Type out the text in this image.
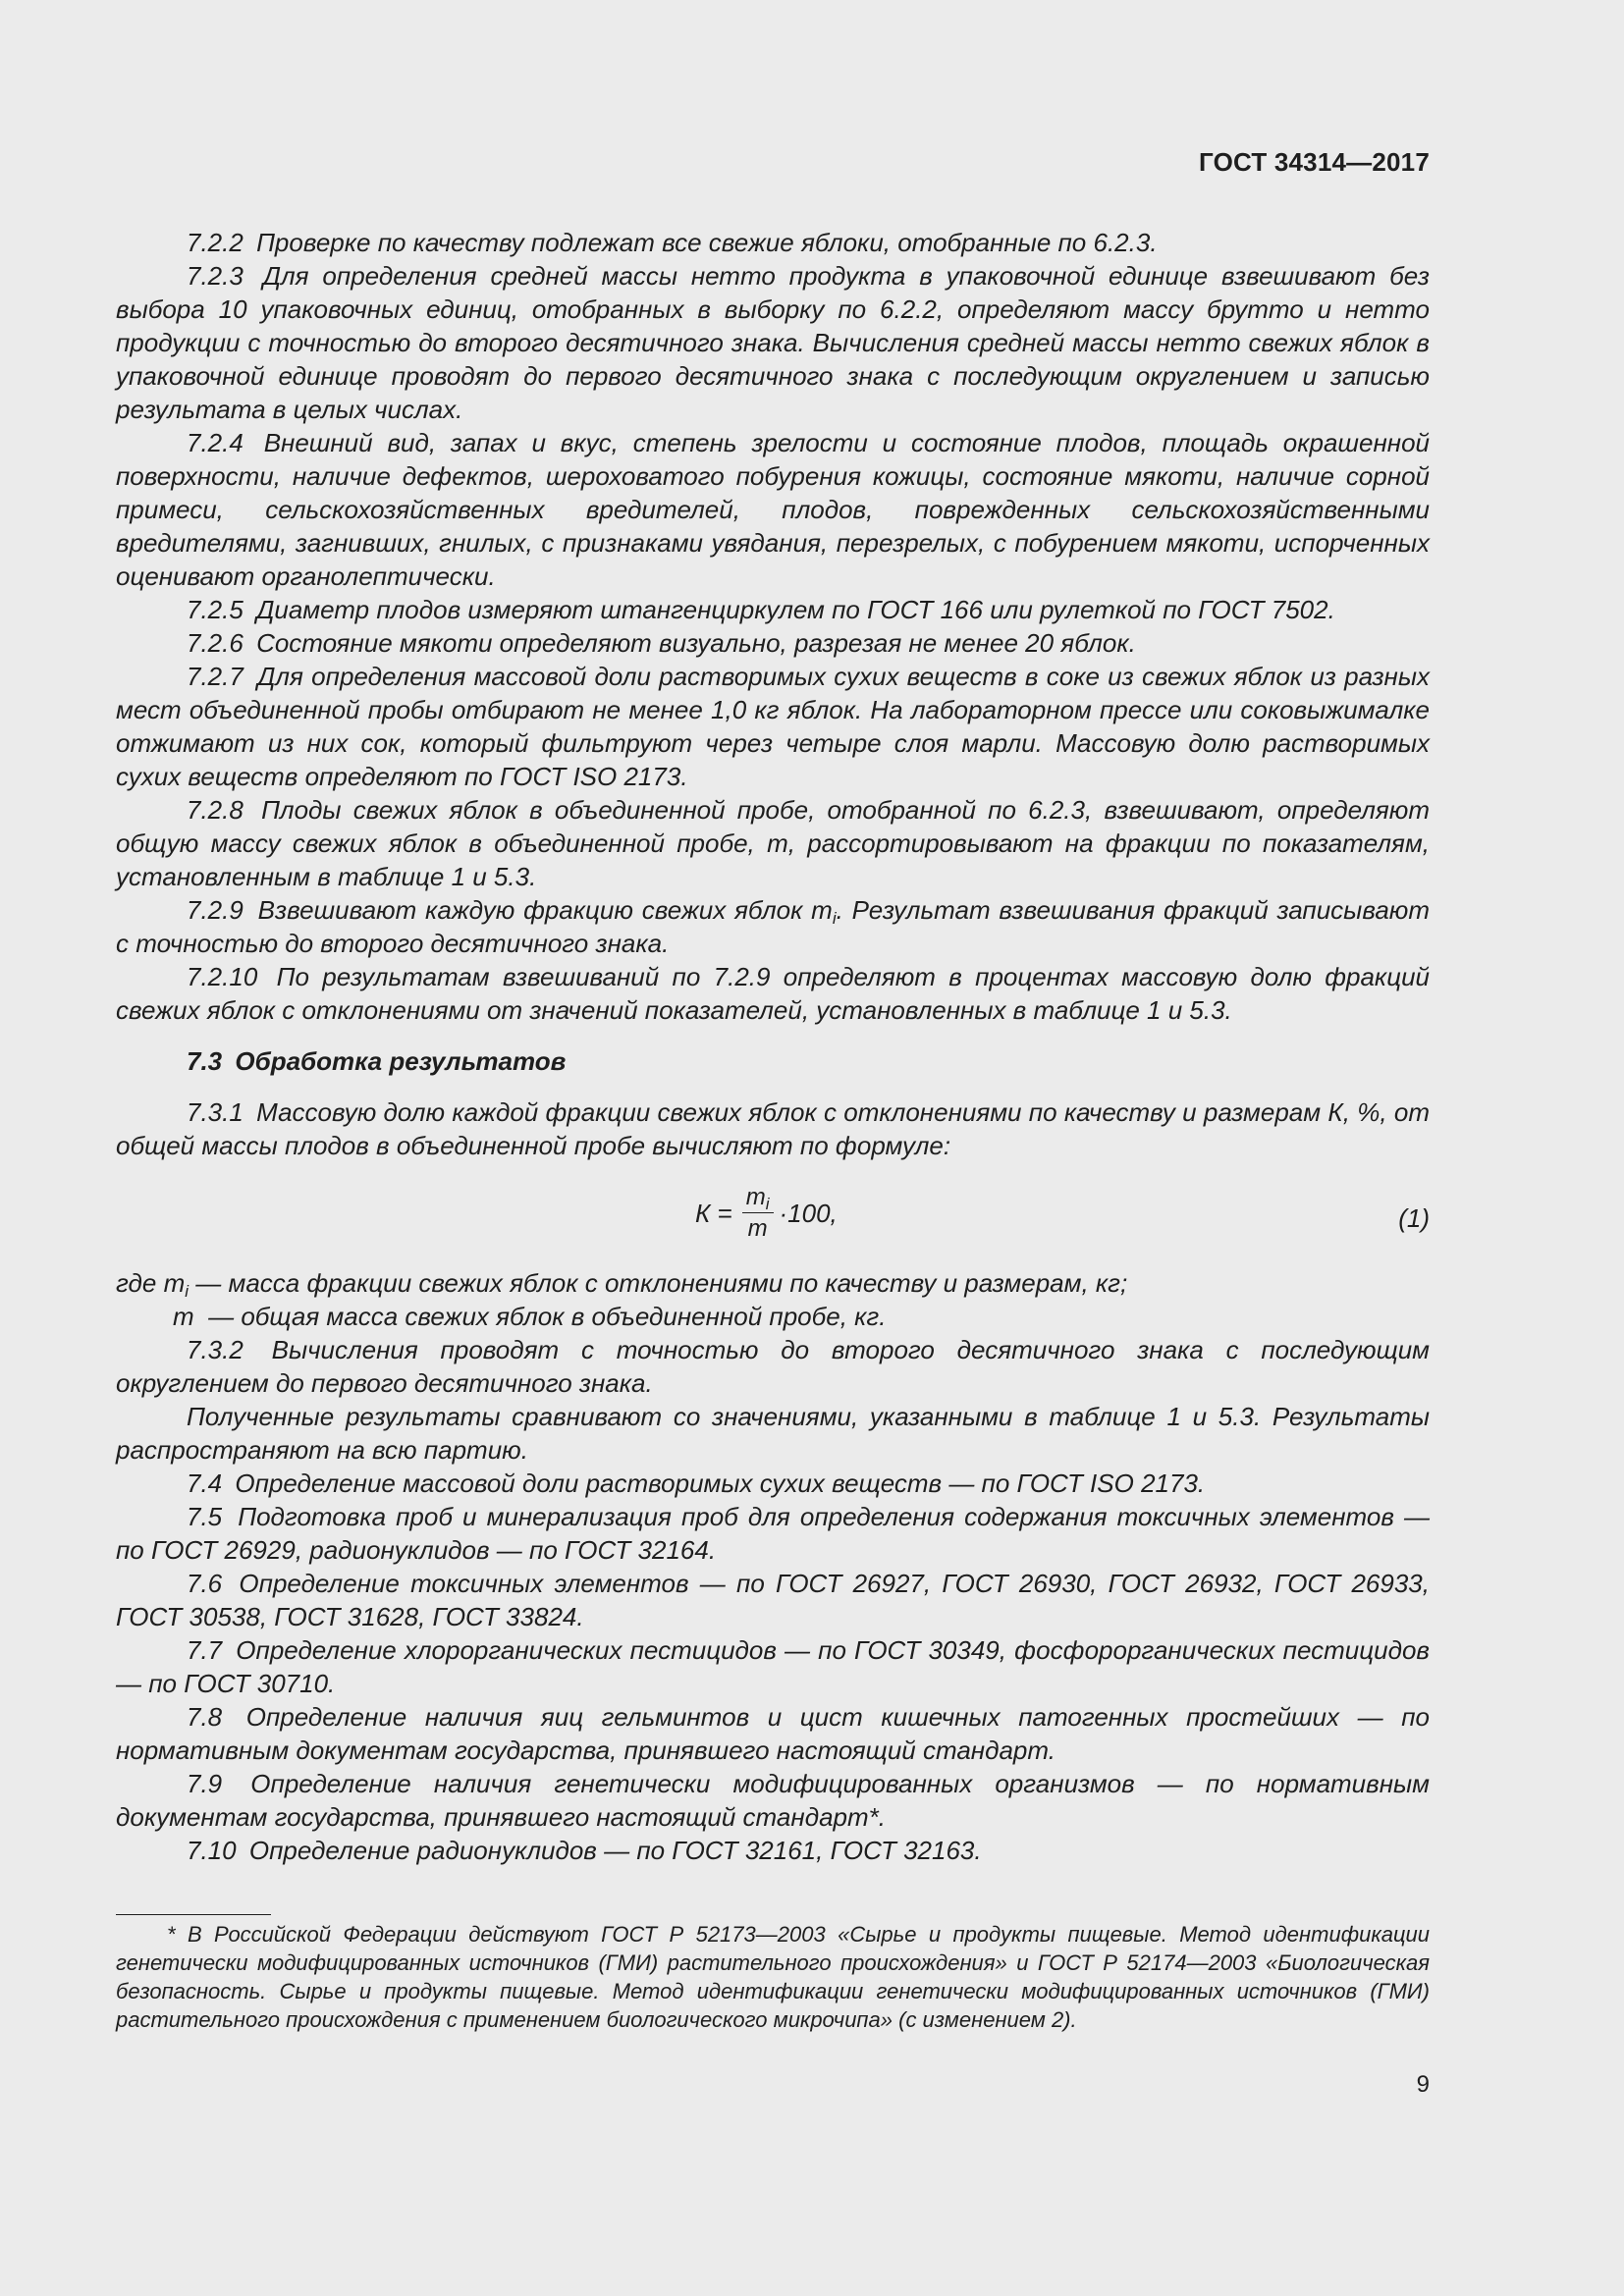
ГОСТ 34314—2017

7.2.2 Проверке по качеству подлежат все свежие яблоки, отобранные по 6.2.3.

7.2.3 Для определения средней массы нетто продукта в упаковочной единице взвешивают без выбора 10 упаковочных единиц, отобранных в выборку по 6.2.2, определяют массу брутто и нетто продукции с точностью до второго десятичного знака. Вычисления средней массы нетто свежих яблок в упаковочной единице проводят до первого десятичного знака с последующим округлением и записью результата в целых числах.

7.2.4 Внешний вид, запах и вкус, степень зрелости и состояние плодов, площадь окрашенной поверхности, наличие дефектов, шероховатого побурения кожицы, состояние мякоти, наличие сорной примеси, сельскохозяйственных вредителей, плодов, поврежденных сельскохозяйственными вредителями, загнивших, гнилых, с признаками увядания, перезрелых, с побурением мякоти, испорченных оценивают органолептически.

7.2.5 Диаметр плодов измеряют штангенциркулем по ГОСТ 166 или рулеткой по ГОСТ 7502.

7.2.6 Состояние мякоти определяют визуально, разрезая не менее 20 яблок.

7.2.7 Для определения массовой доли растворимых сухих веществ в соке из свежих яблок из разных мест объединенной пробы отбирают не менее 1,0 кг яблок. На лабораторном прессе или соковыжималке отжимают из них сок, который фильтруют через четыре слоя марли. Массовую долю растворимых сухих веществ определяют по ГОСТ ISO 2173.

7.2.8 Плоды свежих яблок в объединенной пробе, отобранной по 6.2.3, взвешивают, определяют общую массу свежих яблок в объединенной пробе, m, рассортировывают на фракции по показателям, установленным в таблице 1 и 5.3.

7.2.9 Взвешивают каждую фракцию свежих яблок $m_i$. Результат взвешивания фракций записывают с точностью до второго десятичного знака.

7.2.10 По результатам взвешиваний по 7.2.9 определяют в процентах массовую долю фракций свежих яблок с отклонениями от значений показателей, установленных в таблице 1 и 5.3.

7.3 Обработка результатов

7.3.1 Массовую долю каждой фракции свежих яблок с отклонениями по качеству и размерам К, %, от общей массы плодов в объединенной пробе вычисляют по формуле:

$К = \frac{m_i}{m} \cdot 100$,	(1)
где
$m_i$
— масса фракции свежих яблок с отклонениями по качеству и размерам, кг;
m
— общая масса свежих яблок в объединенной пробе, кг.

7.3.2 Вычисления проводят с точностью до второго десятичного знака с последующим округлением до первого десятичного знака.

Полученные результаты сравнивают со значениями, указанными в таблице 1 и 5.3. Результаты распространяют на всю партию.

7.4 Определение массовой доли растворимых сухих веществ — по ГОСТ ISO 2173.

7.5 Подготовка проб и минерализация проб для определения содержания токсичных элементов — по ГОСТ 26929, радионуклидов — по ГОСТ 32164.

7.6 Определение токсичных элементов — по ГОСТ 26927, ГОСТ 26930, ГОСТ 26932, ГОСТ 26933, ГОСТ 30538, ГОСТ 31628, ГОСТ 33824.

7.7 Определение хлорорганических пестицидов — по ГОСТ 30349, фосфорорганических пестицидов — по ГОСТ 30710.

7.8 Определение наличия яиц гельминтов и цист кишечных патогенных простейших — по нормативным документам государства, принявшего настоящий стандарт.

7.9 Определение наличия генетически модифицированных организмов — по нормативным документам государства, принявшего настоящий стандарт*.

7.10 Определение радионуклидов — по ГОСТ 32161, ГОСТ 32163.

* В Российской Федерации действуют ГОСТ Р 52173—2003 «Сырье и продукты пищевые. Метод идентификации генетически модифицированных источников (ГМИ) растительного происхождения» и ГОСТ Р 52174—2003 «Биологическая безопасность. Сырье и продукты пищевые. Метод идентификации генетически модифицированных источников (ГМИ) растительного происхождения с применением биологического микрочипа» (с изменением 2).
9
